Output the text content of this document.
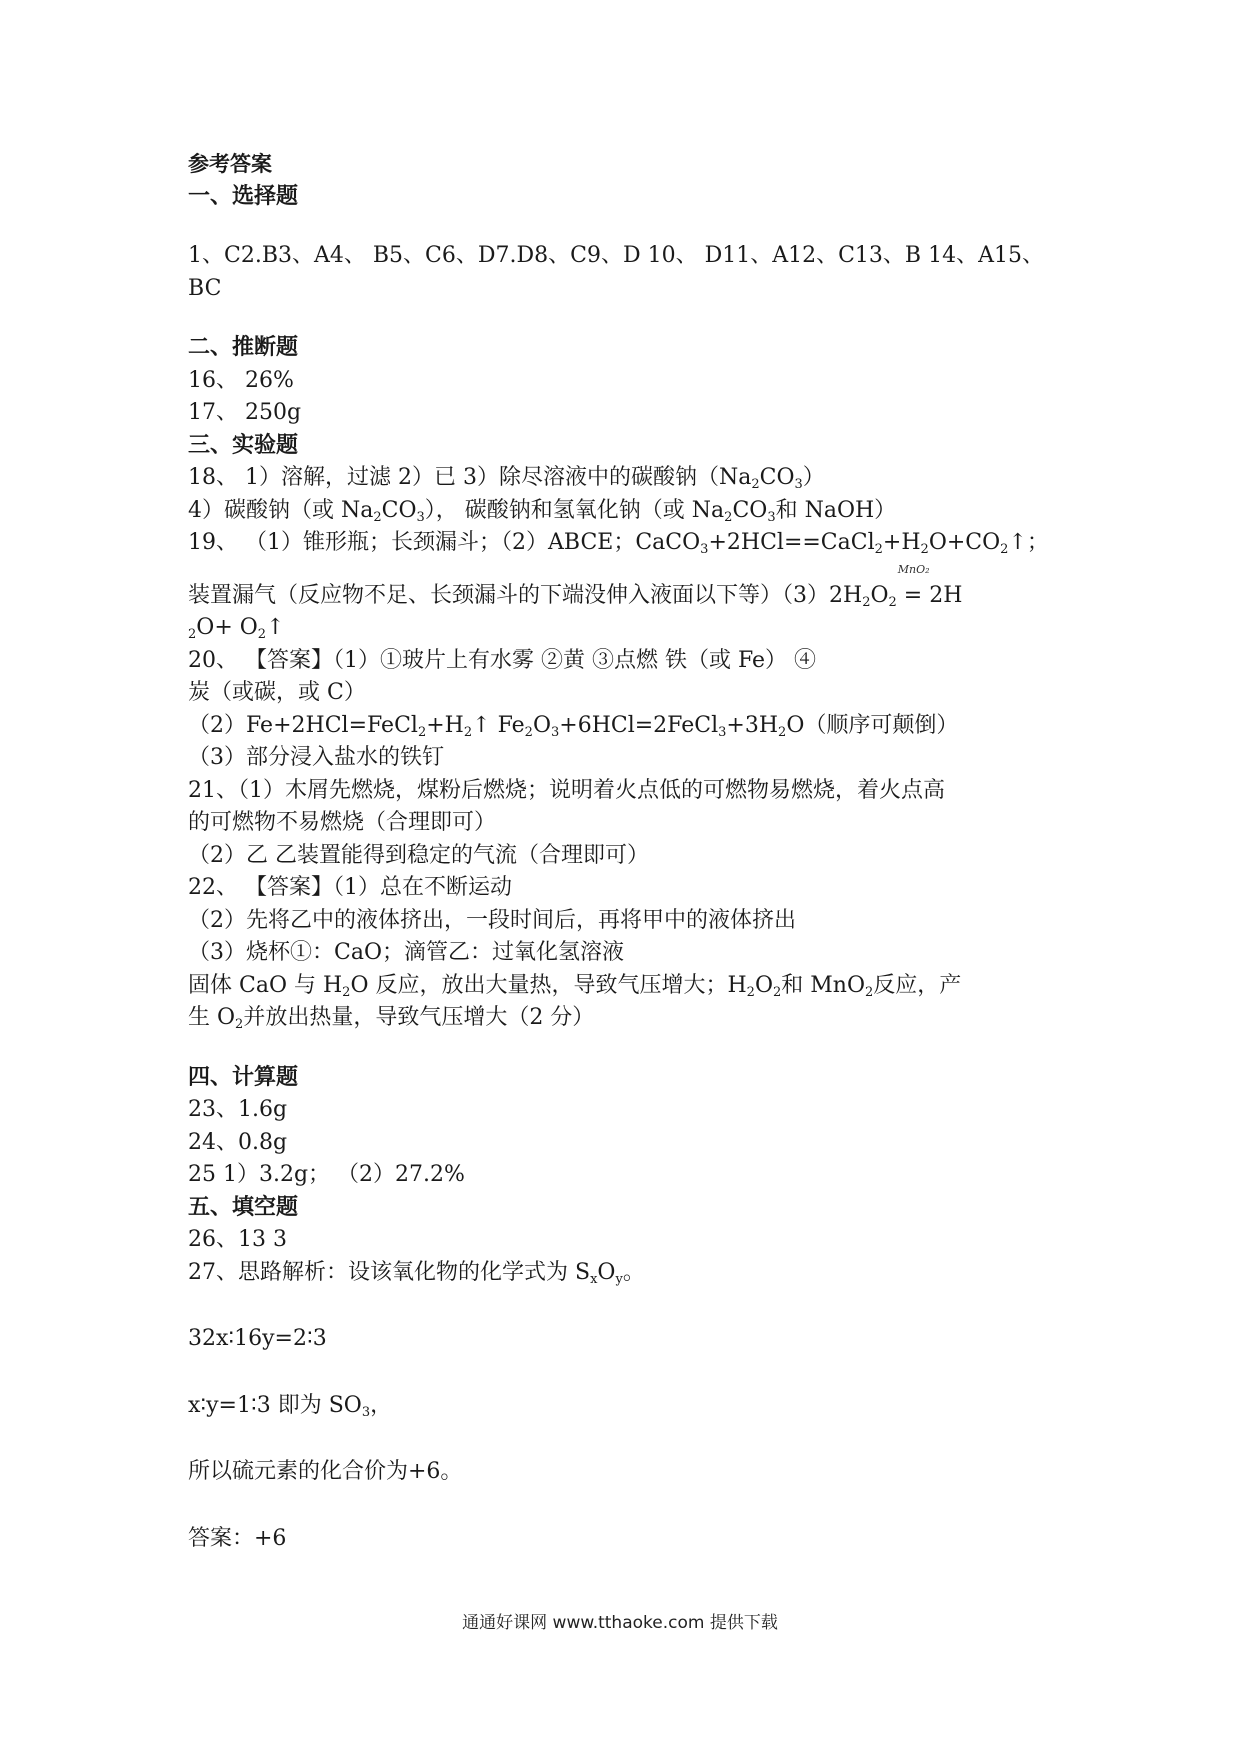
参考答案
一、选择题
1、C2.B3、A4、 B5、C6、D7.D8、C9、D 10、 D11、A12、C13、B 14、A15、
BC
二、推断题
16、 26%
17、 250g
三、实验题
18、 1）溶解，过滤 2）已 3）除尽溶液中的碳酸钠$(Na_2CO_3)$
4）碳酸钠（或 $Na_2CO_3$）， 碳酸钠和氢氧化钠（或 $Na_2CO_3$和 NaOH）
19、 （1）锥形瓶；长颈漏斗；（2）ABCE；$CaCO_3+2HCl==CaCl_2+H_2O+CO_2↑$；
装置漏气（反应物不足、长颈漏斗的下端没伸入液面以下等）$(3)2H_2O_2$
MnO₂
= 2H
$_2O+ O_2↑$
20、 【答案】（1）①玻片上有水雾 ②黄 ③点燃 铁（或 Fe） ④
炭（或碳，或 C）
$(2)Fe+2HCl=FeCl_2+H_2↑$ $Fe_2O_3+6HCl=2FeCl_3+3H_2O$（顺序可颠倒）
（3）部分浸入盐水的铁钉
21、（1）木屑先燃烧，煤粉后燃烧；说明着火点低的可燃物易燃烧，着火点高
的可燃物不易燃烧（合理即可）
（2）乙 乙装置能得到稳定的气流（合理即可）
22、 【答案】（1）总在不断运动
（2）先将乙中的液体挤出，一段时间后，再将甲中的液体挤出
（3）烧杯①：CaO；滴管乙：过氧化氢溶液
固体 CaO 与 $H_2O$ 反应，放出大量热，导致气压增大；$H_2O_2$和 MnO$_2$反应，产
生 $O_2$并放出热量，导致气压增大（2 分）
四、计算题
23、1.6g
24、0.8g
25 1）3.2g； （2）27.2%
五、填空题
26、13 3
27、思路解析：设该氧化物的化学式为 $S_xO_y$。
32x∶16y=2∶3
x∶y=1∶3 即为 $SO_3$，
所以硫元素的化合价为+6。
答案：+6
通通好课网 www.tthaoke.com 提供下载
